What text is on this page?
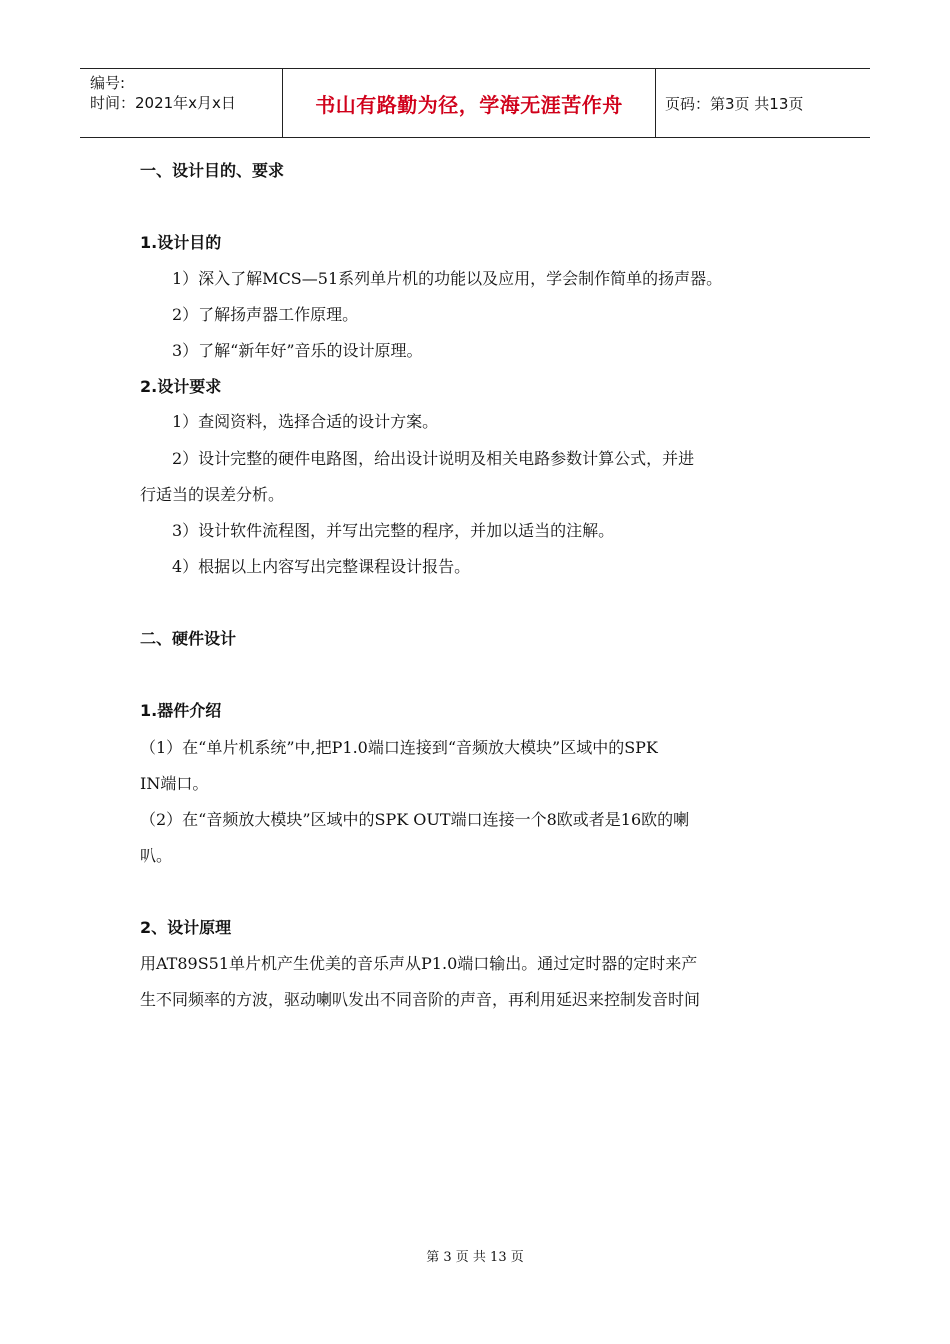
编号:
时间：2021年x月x日	书山有路勤为径，学海无涯苦作舟	页码：第3页 共13页
一、设计目的、要求
1.设计目的
1）深入了解MCS—51系列单片机的功能以及应用，学会制作简单的扬声器。
2）了解扬声器工作原理。
3）了解“新年好”音乐的设计原理。
2.设计要求
1）查阅资料，选择合适的设计方案。
2）设计完整的硬件电路图，给出设计说明及相关电路参数计算公式，并进
行适当的误差分析。
3）设计软件流程图，并写出完整的程序，并加以适当的注解。
4）根据以上内容写出完整课程设计报告。
二、硬件设计
1.器件介绍
（1）在“单片机系统”中,把P1.0端口连接到“音频放大模块”区域中的SPK
IN端口。
（2）在“音频放大模块”区域中的SPK OUT端口连接一个8欧或者是16欧的喇
叭。
2、设计原理
用AT89S51单片机产生优美的音乐声从P1.0端口输出。通过定时器的定时来产
生不同频率的方波，驱动喇叭发出不同音阶的声音，再利用延迟来控制发音时间
第 3 页 共 13 页
